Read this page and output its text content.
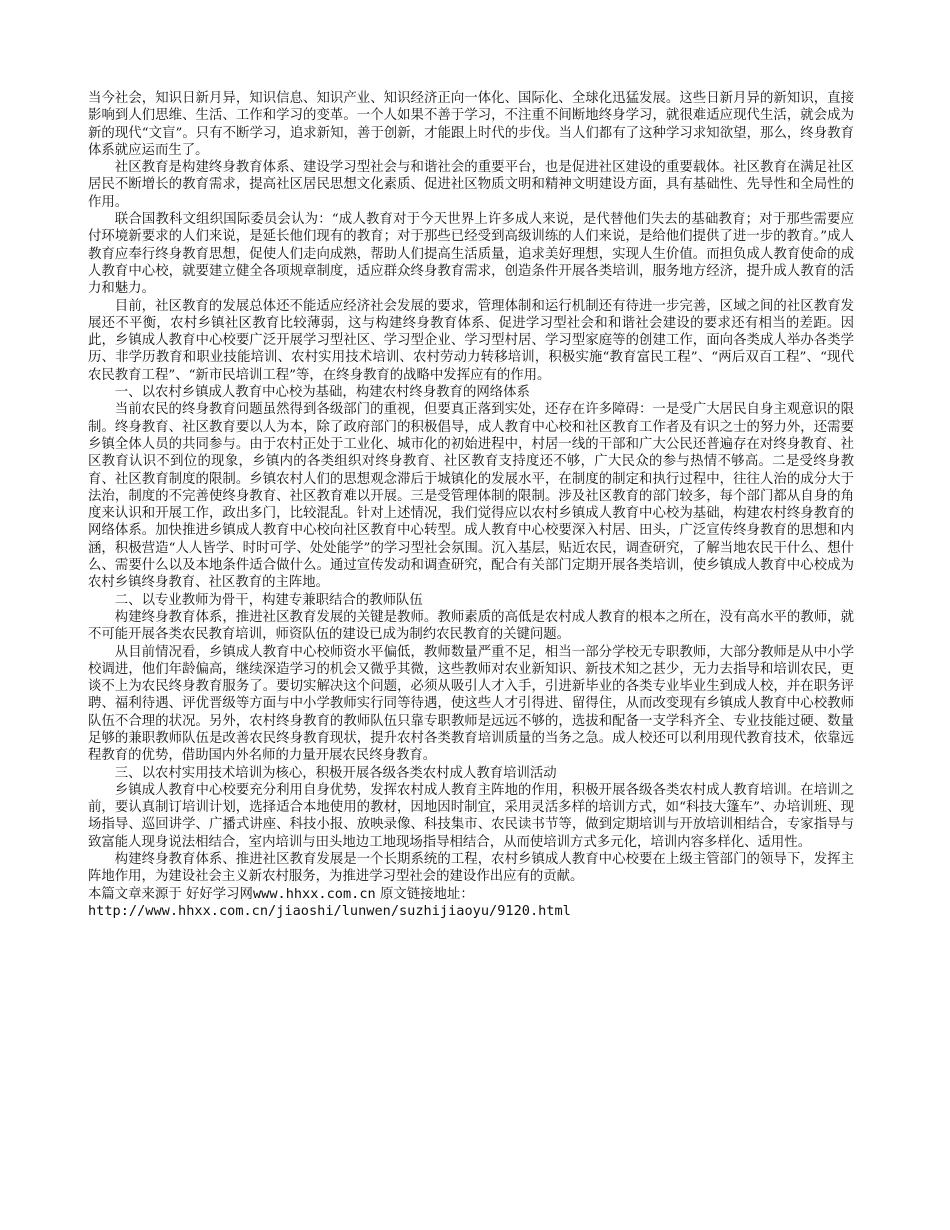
当今社会，知识日新月异，知识信息、知识产业、知识经济正向一体化、国际化、全球化迅猛发展。这些日新月异的新知识，直接影响到人们思维、生活、工作和学习的变革。一个人如果不善于学习，不注重不间断地终身学习，就很难适应现代生活，就会成为新的现代“文盲”。只有不断学习，追求新知，善于创新，才能跟上时代的步伐。当人们都有了这种学习求知欲望，那么，终身教育体系就应运而生了。

社区教育是构建终身教育体系、建设学习型社会与和谐社会的重要平台，也是促进社区建设的重要载体。社区教育在满足社区居民不断增长的教育需求，提高社区居民思想文化素质、促进社区物质文明和精神文明建设方面，具有基础性、先导性和全局性的作用。

联合国教科文组织国际委员会认为：“成人教育对于今天世界上许多成人来说，是代替他们失去的基础教育；对于那些需要应付环境新要求的人们来说，是延长他们现有的教育；对于那些已经受到高级训练的人们来说，是给他们提供了进一步的教育。”成人教育应奉行终身教育思想，促使人们走向成熟，帮助人们提高生活质量，追求美好理想，实现人生价值。而担负成人教育使命的成人教育中心校，就要建立健全各项规章制度，适应群众终身教育需求，创造条件开展各类培训，服务地方经济，提升成人教育的活力和魅力。

目前，社区教育的发展总体还不能适应经济社会发展的要求，管理体制和运行机制还有待进一步完善，区域之间的社区教育发展还不平衡，农村乡镇社区教育比较薄弱，这与构建终身教育体系、促进学习型社会和和谐社会建设的要求还有相当的差距。因此，乡镇成人教育中心校要广泛开展学习型社区、学习型企业、学习型村居、学习型家庭等的创建工作，面向各类成人举办各类学历、非学历教育和职业技能培训、农村实用技术培训、农村劳动力转移培训，积极实施“教育富民工程”、“两后双百工程”、“现代农民教育工程”、“新市民培训工程”等，在终身教育的战略中发挥应有的作用。

一、以农村乡镇成人教育中心校为基础，构建农村终身教育的网络体系

当前农民的终身教育问题虽然得到各级部门的重视，但要真正落到实处，还存在许多障碍：一是受广大居民自身主观意识的限制。终身教育、社区教育要以人为本，除了政府部门的积极倡导，成人教育中心校和社区教育工作者及有识之士的努力外，还需要乡镇全体人员的共同参与。由于农村正处于工业化、城市化的初始进程中，村居一线的干部和广大公民还普遍存在对终身教育、社区教育认识不到位的现象，乡镇内的各类组织对终身教育、社区教育支持度还不够，广大民众的参与热情不够高。二是受终身教育、社区教育制度的限制。乡镇农村人们的思想观念滞后于城镇化的发展水平，在制度的制定和执行过程中，往往人治的成分大于法治，制度的不完善使终身教育、社区教育难以开展。三是受管理体制的限制。涉及社区教育的部门较多，每个部门都从自身的角度来认识和开展工作，政出多门，比较混乱。针对上述情况，我们觉得应以农村乡镇成人教育中心校为基础，构建农村终身教育的网络体系。加快推进乡镇成人教育中心校向社区教育中心转型。成人教育中心校要深入村居、田头，广泛宣传终身教育的思想和内涵，积极营造“人人皆学、时时可学、处处能学”的学习型社会氛围。沉入基层，贴近农民，调查研究，了解当地农民干什么、想什么、需要什么以及本地条件适合做什么。通过宣传发动和调查研究，配合有关部门定期开展各类培训，使乡镇成人教育中心校成为农村乡镇终身教育、社区教育的主阵地。

二、以专业教师为骨干，构建专兼职结合的教师队伍

构建终身教育体系，推进社区教育发展的关键是教师。教师素质的高低是农村成人教育的根本之所在，没有高水平的教师，就不可能开展各类农民教育培训，师资队伍的建设已成为制约农民教育的关键问题。

从目前情况看，乡镇成人教育中心校师资水平偏低，教师数量严重不足，相当一部分学校无专职教师，大部分教师是从中小学校调进，他们年龄偏高，继续深造学习的机会又微乎其微，这些教师对农业新知识、新技术知之甚少，无力去指导和培训农民，更谈不上为农民终身教育服务了。要切实解决这个问题，必须从吸引人才入手，引进新毕业的各类专业毕业生到成人校，并在职务评聘、福利待遇、评优晋级等方面与中小学教师实行同等待遇，使这些人才引得进、留得住，从而改变现有乡镇成人教育中心校教师队伍不合理的状况。另外，农村终身教育的教师队伍只靠专职教师是远远不够的，选拔和配备一支学科齐全、专业技能过硬、数量足够的兼职教师队伍是改善农民终身教育现状，提升农村各类教育培训质量的当务之急。成人校还可以利用现代教育技术，依靠远程教育的优势，借助国内外名师的力量开展农民终身教育。

三、以农村实用技术培训为核心，积极开展各级各类农村成人教育培训活动

乡镇成人教育中心校要充分利用自身优势，发挥农村成人教育主阵地的作用，积极开展各级各类农村成人教育培训。在培训之前，要认真制订培训计划，选择适合本地使用的教材，因地因时制宜，采用灵活多样的培训方式，如“科技大篷车”、办培训班、现场指导、巡回讲学、广播式讲座、科技小报、放映录像、科技集市、农民读书节等，做到定期培训与开放培训相结合，专家指导与致富能人现身说法相结合，室内培训与田头地边工地现场指导相结合，从而使培训方式多元化，培训内容多样化、适用性。

构建终身教育体系、推进社区教育发展是一个长期系统的工程，农村乡镇成人教育中心校要在上级主管部门的领导下，发挥主阵地作用，为建设社会主义新农村服务，为推进学习型社会的建设作出应有的贡献。

本篇文章来源于 好好学习网www.hhxx.com.cn 原文链接地址：
http://www.hhxx.com.cn/jiaoshi/lunwen/suzhijiaoyu/9120.html
